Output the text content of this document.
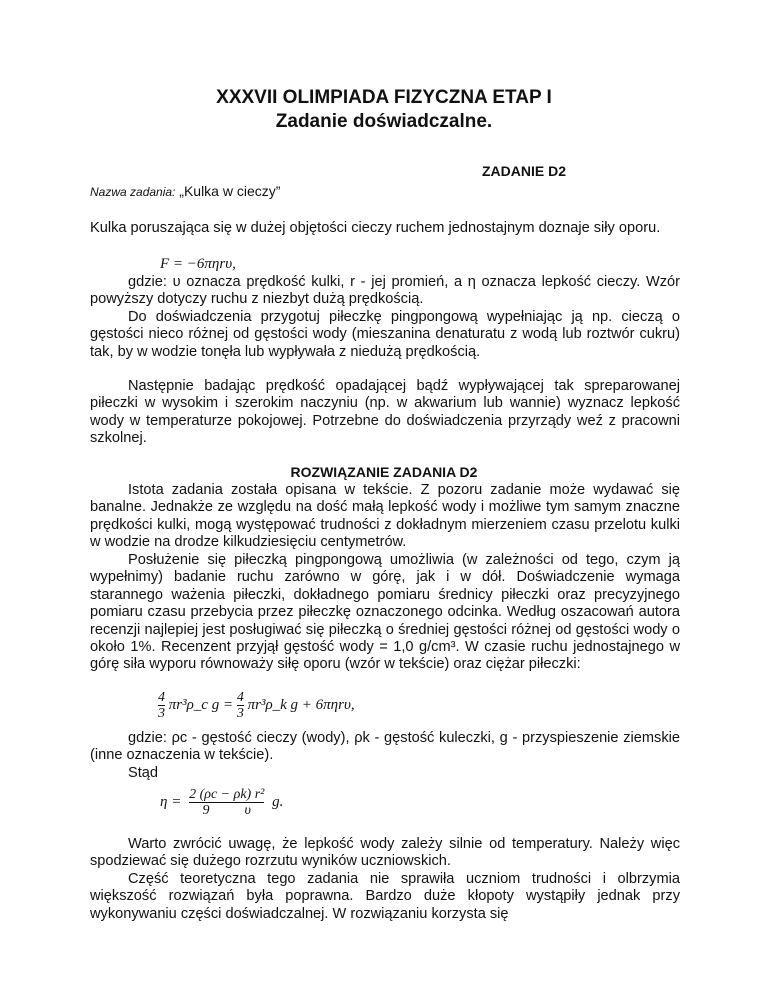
XXXVII OLIMPIADA FIZYCZNA ETAP I
Zadanie doświadczalne.
ZADANIE D2
Nazwa zadania: „Kulka w cieczy”
Kulka poruszająca się w dużej objętości cieczy ruchem jednostajnym doznaje siły oporu.
F = −6πηrυ,
gdzie: υ oznacza prędkość kulki, r - jej promień, a η oznacza lepkość cieczy. Wzór powyższy dotyczy ruchu z niezbyt dużą prędkością.
Do doświadczenia przygotuj piłeczkę pingpongową wypełniając ją np. cieczą o gęstości nieco różnej od gęstości wody (mieszanina denaturatu z wodą lub roztwór cukru) tak, by w wodzie tonęła lub wypływała z niedużą prędkością.
Następnie badając prędkość opadającej bądź wypływającej tak spreparowanej piłeczki w wysokim i szerokim naczyniu (np. w akwarium lub wannie) wyznacz lepkość wody w temperaturze pokojowej. Potrzebne do doświadczenia przyrządy weź z pracowni szkolnej.
ROZWIĄZANIE ZADANIA D2
Istota zadania została opisana w tekście. Z pozoru zadanie może wydawać się banalne. Jednakże ze względu na dość małą lepkość wody i możliwe tym samym znaczne prędkości kulki, mogą występować trudności z dokładnym mierzeniem czasu przelotu kulki w wodzie na drodze kilkudziesięciu centymetrów.
Posłużenie się piłeczką pingpongową umożliwia (w zależności od tego, czym ją wypełnimy) badanie ruchu zarówno w górę, jak i w dół. Doświadczenie wymaga starannego ważenia piłeczki, dokładnego pomiaru średnicy piłeczki oraz precyzyjnego pomiaru czasu przebycia przez piłeczkę oznaczonego odcinka. Według oszacowań autora recenzji najlepiej jest posługiwać się piłeczką o średniej gęstości różnej od gęstości wody o około 1%. Recenzent przyjął gęstość wody = 1,0 g/cm³. W czasie ruchu jednostajnego w górę siła wyporu równoważy siłę oporu (wzór w tekście) oraz ciężar piłeczki:
$\frac{4}{3}$ πr³ρ_c $g = \frac{4}{3}$ πr³ρ_k g + 6πηrυ,
gdzie: ρc - gęstość cieczy (wody), ρk - gęstość kuleczki, g - przyspieszenie ziemskie (inne oznaczenia w tekście).
Stąd
$\eta = \frac{\text{2 (ρc − ρk) r²}}{9 \upsilon} g$.
Warto zwrócić uwagę, że lepkość wody zależy silnie od temperatury. Należy więc spodziewać się dużego rozrzutu wyników uczniowskich.
Część teoretyczna tego zadania nie sprawiła uczniom trudności i olbrzymia większość rozwiązań była poprawna. Bardzo duże kłopoty wystąpiły jednak przy wykonywaniu części doświadczalnej. W rozwiązaniu korzysta się
